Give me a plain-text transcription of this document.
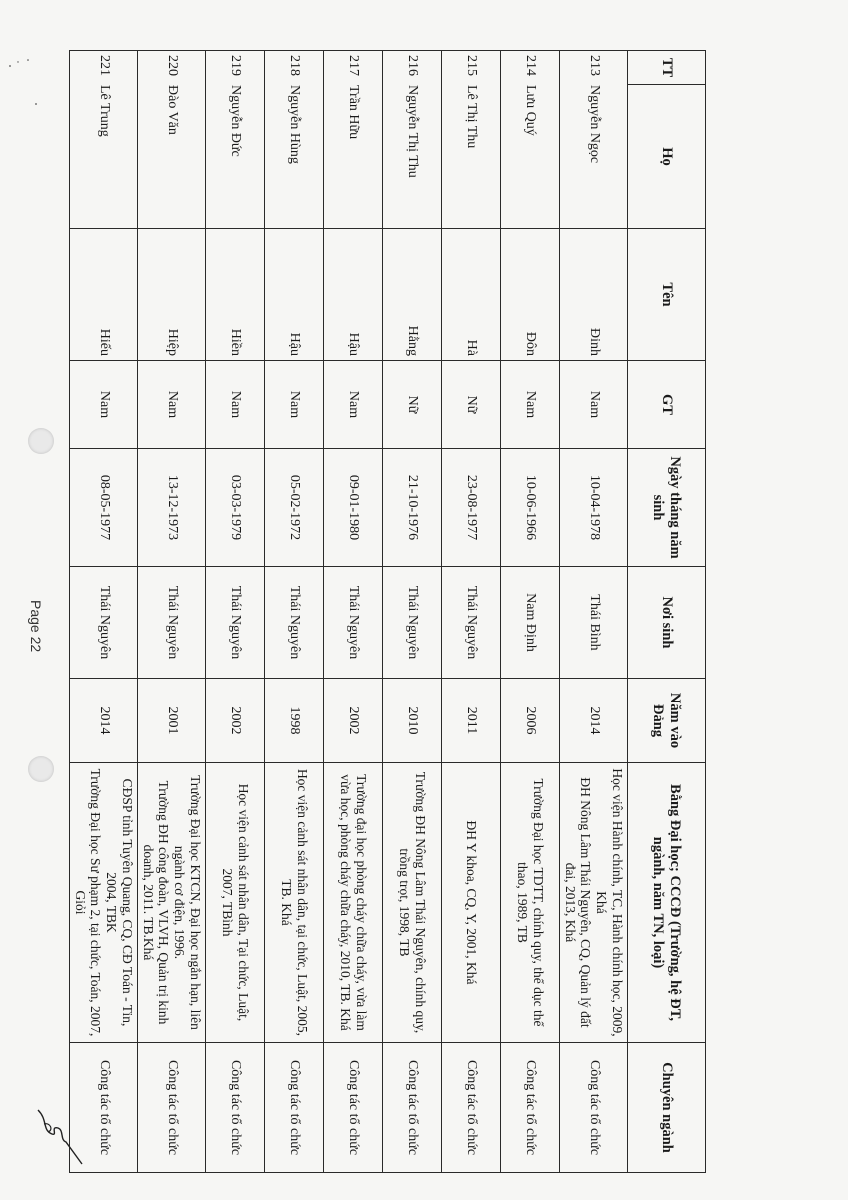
TT	Họ	Tên	GT	Ngày tháng năm sinh	Nơi sinh	Năm vào Đảng	Bằng Đại học; CCCĐ (Trường, hệ ĐT, ngành, năm TN, loại)	Chuyên ngành
213Nguyễn Ngọc		Đinh	Nam	10-04-1978	Thái Bình	2014	Học viện Hành chính, TC, Hành chính học, 2009, Khá
ĐH Nông Lâm Thái Nguyên, CQ, Quản lý đất đai, 2013, Khá	Công tác tổ chức
214Lưu Quý		Đôn	Nam	10-06-1966	Nam Định	2006	Trường Đại học TDTT, chính quy, thể dục thể thao, 1989, TB	Công tác tổ chức
215Lê Thị Thu		Hà	Nữ	23-08-1977	Thái Nguyên	2011	ĐH Y khoa, CQ, Y, 2001, Khá	Công tác tổ chức
216Nguyễn Thị Thu		Hằng	Nữ	21-10-1976	Thái Nguyên	2010	Trường ĐH Nông Lâm Thái Nguyên, chính quy, trồng trọt, 1998, TB	Công tác tổ chức
217Trần Hữu		Hậu	Nam	09-01-1980	Thái Nguyên	2002	Trường đại học phòng cháy chữa cháy, vừa làm vừa học, phòng cháy chữa cháy, 2010, TB. Khá	Công tác tổ chức
218Nguyễn Hùng		Hậu	Nam	05-02-1972	Thái Nguyên	1998	Học viện cảnh sát nhân dân, tại chức, Luật, 2005, TB. Khá	Công tác tổ chức
219Nguyễn Đức		Hiền	Nam	03-03-1979	Thái Nguyên	2002	Học viện cảnh sát nhân dân, Tại chức, Luật, 2007, TBình	Công tác tổ chức
220Đào Văn		Hiệp	Nam	13-12-1973	Thái Nguyên	2001	Trường Đại học KTCN, Đại học ngắn hạn, liên ngành cơ điện, 1996.
Trường ĐH công đoàn, VLVH, Quản trị kinh doanh, 2011. TB.Khá	Công tác tổ chức
221Lê Trung		Hiếu	Nam	08-05-1977	Thái Nguyên	2014	CĐSP tỉnh Tuyên Quang, CQ, CĐ Toán - Tin, 2004, TBK
Trường Đại học Sư phạm 2, tại chức, Toán, 2007, Giỏi	Công tác tổ chức
Page 22
